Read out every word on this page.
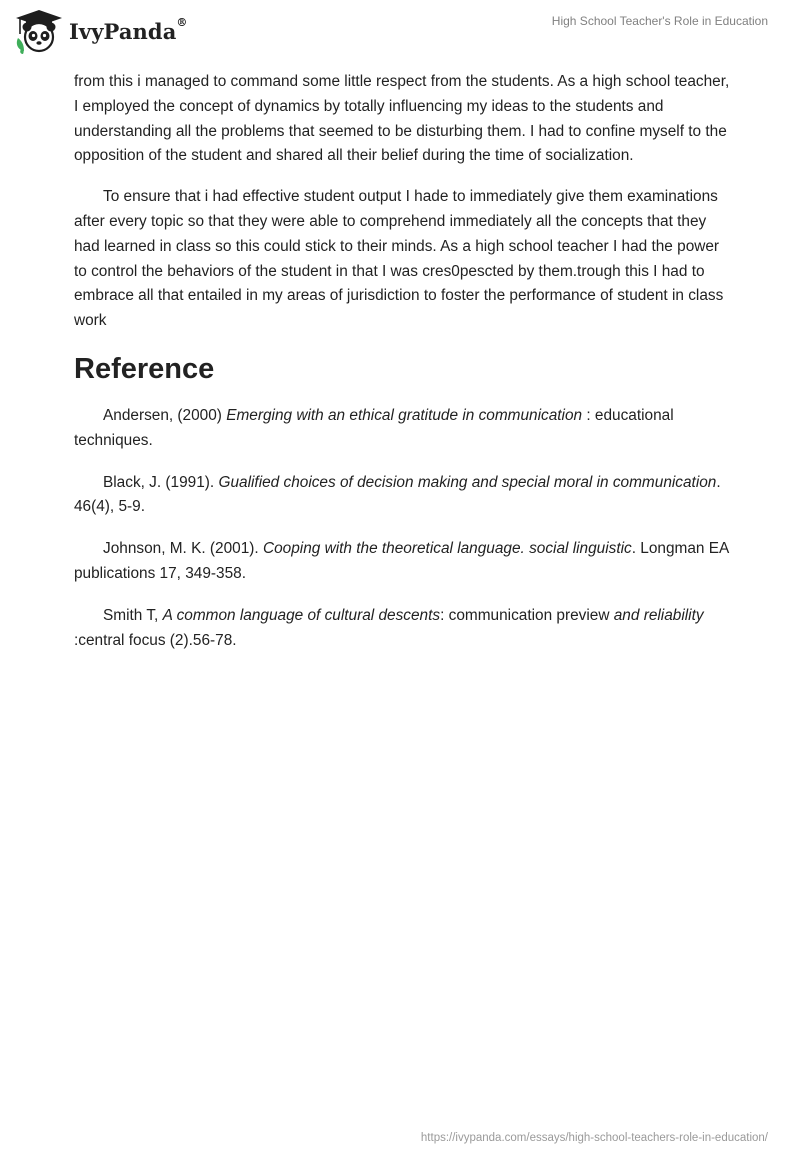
IvyPanda®	High School Teacher's Role in Education

from this i managed to command some little respect from the students. As a high school teacher, I employed the concept of dynamics by totally influencing my ideas to the students and understanding all the problems that seemed to be disturbing them. I had to confine myself to the opposition of the student and shared all their belief during the time of socialization.

To ensure that i had effective student output I hade to immediately give them examinations after every topic so that they were able to comprehend immediately all the concepts that they had learned in class so this could stick to their minds. As a high school teacher I had the power to control the behaviors of the student in that I was cres0pescted by them.trough this I had to embrace all that entailed in my areas of jurisdiction to foster the performance of student in class work

Reference

Andersen, (2000) Emerging with an ethical gratitude in communication : educational techniques.

Black, J. (1991). Gualified choices of decision making and special moral in communication. 46(4), 5-9.

Johnson, M. K. (2001). Cooping with the theoretical language. social linguistic. Longman EA publications 17, 349-358.

Smith T, A common language of cultural descents: communication preview and reliability :central focus (2).56-78.

https://ivypanda.com/essays/high-school-teachers-role-in-education/
